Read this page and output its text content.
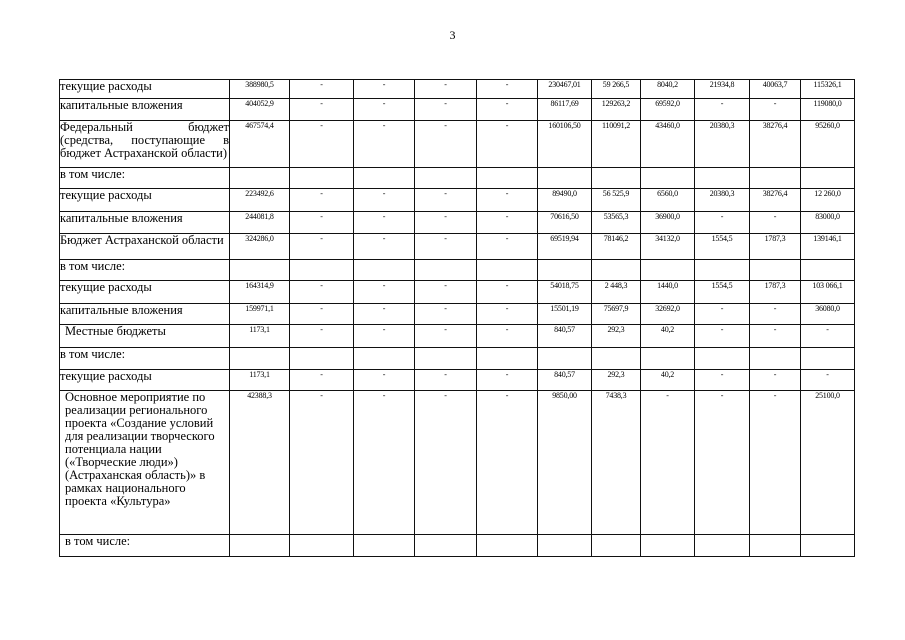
3
текущие расходы	388980,5	-	-	-	-	230467,01	59 266,5	8040,2	21934,8	40063,7	115326,1
капитальные вложения	404052,9	-	-	-	-	86117,69	129263,2	69592,0	-	-	119080,0
Федеральный бюджет (средства, поступающие в бюджет Астраханской области)	467574,4	-	-	-	-	160106,50	110091,2	43460,0	20380,3	38276,4	95260,0
в том числе:											
текущие расходы	223492,6	-	-	-	-	89490,0	56 525,9	6560,0	20380,3	38276,4	12 260,0
капитальные вложения	244081,8	-	-	-	-	70616,50	53565,3	36900,0	-	-	83000,0
Бюджет Астраханской области	324286,0	-	-	-	-	69519,94	78146,2	34132,0	1554,5	1787,3	139146,1
в том числе:											
текущие расходы	164314,9	-	-	-	-	54018,75	2 448,3	1440,0	1554,5	1787,3	103 066,1
капитальные вложения	159971,1	-	-	-	-	15501,19	75697,9	32692,0	-	-	36080,0
Местные бюджеты	1173,1	-	-	-	-	840,57	292,3	40,2	-	-	-
в том числе:											
текущие расходы	1173,1	-	-	-	-	840,57	292,3	40,2	-	-	-
Основное мероприятие по реализации регионального проекта «Создание условий для реализации творческого потенциала нации («Творческие люди») (Астраханская область)» в рамках национального проекта «Культура»	42388,3	-	-	-	-	9850,00	7438,3	-	-	-	25100,0
в том числе:											
